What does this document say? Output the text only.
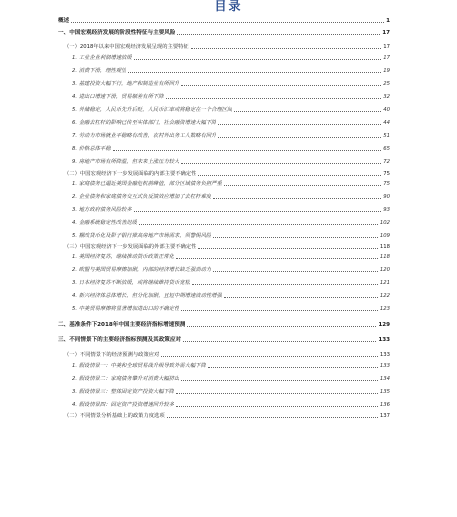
目录
概述	1
一、中国宏观经济发展的阶段性特征与主要风险	17
（一）2018年以来中国宏观经济发展呈现的主要特征	17
1. 工业企业利润增速放缓	17
2. 消费下滑，理性观望	19
3. 基建投资大幅下行，地产和制造业有所回升	25
4. 进出口增速下滑，贸易顺差有所下降	32
5. 外储稳定，人民币先升后贬，人民币汇率或将稳定在一个合理区间	40
6. 金融去杠杆的影响已传至实体部门，社会融资增速大幅下降	44
7. 劳动力市场就业平稳略有改善，农村外出务工人数略有回升	51
8. 价格总体平稳	65
9. 房地产市场有所降温，但未来上涨压力较大	72
（二）中国宏观经济下一步发展面临的内部主要不确定性	75
1. 家庭债务已逼近美国金融危机前峰值，部分区域债务负担严重	75
2. 企业债务和家庭债务交互式负反馈效应增加了去杠杆难度	90
3. 地方政府债务风险较多	93
4. 金融系统稳定性改善迟缓	102
5. 棚改货币化及影子银行推高房地产市场需求，须警惕风险	109
（三）中国宏观经济下一步发展面临的外部主要不确定性	118
1. 美国经济复苏，继续推动货币政策正常化	118
2. 欧盟与美国贸易摩擦加剧，内部的经济增长缺乏强劲动力	120
3. 日本经济复苏不断放缓，或将继续维持货币宽松	121
4. 新兴经济体总体增长，但分化加剧，且短中期增速波动性增强	122
5. 中美贸易摩擦将显著增加进出口的不确定性	123
二、基准条件下2018年中国主要经济指标增速预测	129
三、不同情景下的主要经济指标预测及其政策应对	133
（一）不同情景下的经济预测与政策应对	133
1. 假设情景一：中美和全球贸易战升级导致外需大幅下降	133
2. 假设情景二：家庭债务攀升对消费大幅挤出	134
3. 假设情景三：整体固定资产投资大幅下降	135
4. 假设情景四：固定资产投资增速回升较多	136
（二）不同情景分析基础上的政策力度选项	137
